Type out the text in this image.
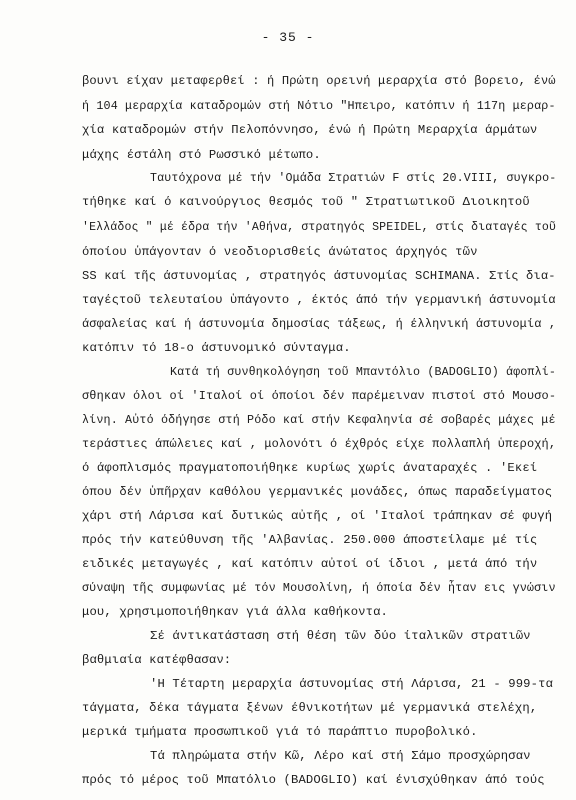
- 35 -
βουνι είχαν μεταφερθεί : ή Πρώτη ορεινή μεραρχία στό βορειο, ένώ
ή 104 μεραρχία καταδρομών στή Νότιο "Ηπειρο, κατόπιν ή 117η μεραρ-
χία καταδρομών στήν Πελοπόννησο, ένώ ή Πρώτη Μεραρχία άρμάτων
μάχης έστάλη στό Ρωσσικό μέτωπο.
Ταυτόχρονα μέ τήν 'Ομάδα Στρατιών F στίς 20.VIII, συγκρο-
τήθηκε καί ό καινούργιος θεσμός τοῦ " Στρατιωτικοῦ Διοικητοῦ
'Ελλάδος " μέ έδρα τήν 'Αθήνα, στρατηγός SPEIDEL, στίς διαταγές τοῦ
όποίου ὑπάγονταν ό νεοδιορισθείς άνώτατος άρχηγός τῶν
SS καί τῆς άστυνομίας , στρατηγός άστυνομίας SCHIMANA. Στίς δια-
ταγέςτοῦ τελευταίου ὑπάγοντο , έκτός άπό τήν γερμανική άστυνομία
άσφαλείας καί ή άστυνομία δημοσίας τάξεως, ή έλληνική άστυνομία ,
κατόπιν τό 18-ο άστυνομικό σύνταγμα.
Κατά τή συνθηκολόγηση τοῦ Μπαντόλιο (BADOGLIO) άφοπλί-
σθηκαν όλοι οί 'Ιταλοί οί όποίοι δέν παρέμειναν πιστοί στό Μουσο-
λίνη. Αὐτό όδήγησε στή Ρόδο καί στήν Κεφαληνία σέ σοβαρές μάχες μέ
τεράστιες άπώλειες καί , μολονότι ό έχθρός είχε πολλαπλή ὑπεροχή,
ό άφοπλισμός πραγματοποιήθηκε κυρίως χωρίς άναταραχές . 'Εκεί
όπου δέν ὑπῆρχαν καθόλου γερμανικές μονάδες, όπως παραδείγματος
χάρι στή Λάρισα καί δυτικώς αὐτῆς , οί 'Ιταλοί τράπηκαν σέ φυγή
πρός τήν κατεύθυνση τῆς 'Αλβανίας. 250.000 άποστείλαμε μέ τίς
ειδικές μεταγωγές , καί κατόπιν αὐτοί οί ίδιοι , μετά άπό τήν
σύναψη τῆς συμφωνίας μέ τόν Μουσολίνη, ή όποία δέν ἦταν εις γνώσιν
μου, χρησιμοποιήθηκαν γιά άλλα καθήκοντα.
Σέ άντικατάσταση στή θέση τῶν δύο ίταλικῶν στρατιῶν
βαθμιαία κατέφθασαν:
'Η Τέταρτη μεραρχία άστυνομίας στή Λάρισα, 21 - 999-τα
τάγματα, δέκα τάγματα ξένων έθνικοτήτων μέ γερμανικά στελέχη,
μερικά τμήματα προσωπικοῦ γιά τό παράπτιο πυροβολικό.
Τά πληρώματα στήν Κῶ, Λέρο καί στή Σάμο προσχώρησαν
πρός τό μέρος τοῦ Μπατόλιο (BADOGLIO) καί ένισχύθηκαν άπό τούς
